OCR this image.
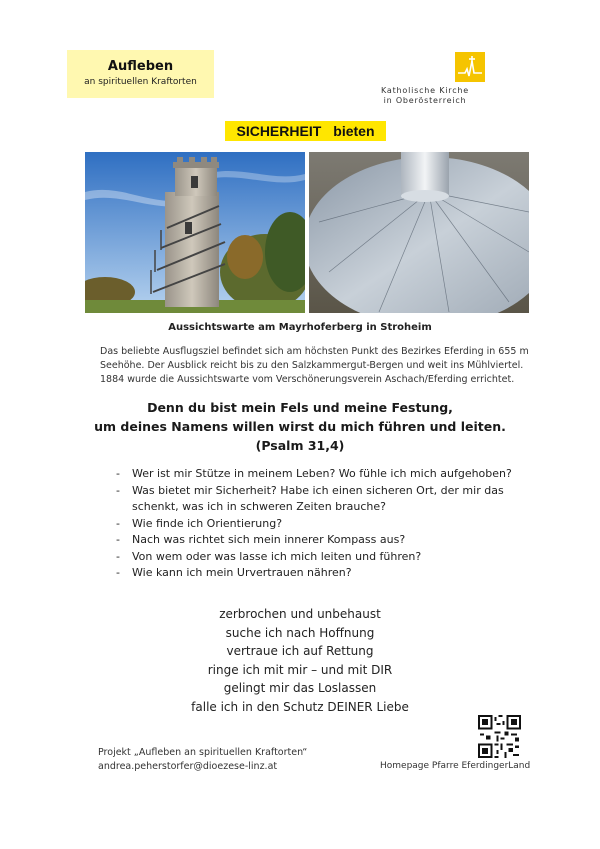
Aufleben
an spirituellen Kraftorten
Katholische Kirche
in Oberösterreich
SICHERHEIT bieten
Aussichtswarte am Mayrhoferberg in Stroheim
Das beliebte Ausflugsziel befindet sich am höchsten Punkt des Bezirkes Eferding in 655 m
Seehöhe. Der Ausblick reicht bis zu den Salzkammergut-Bergen und weit ins Mühlviertel.
1884 wurde die Aussichtswarte vom Verschönerungsverein Aschach/Eferding errichtet.
Denn du bist mein Fels und meine Festung,
um deines Namens willen wirst du mich führen und leiten.
(Psalm 31,4)
- Wer ist mir Stütze in meinem Leben? Wo fühle ich mich aufgehoben?
- Was bietet mir Sicherheit? Habe ich einen sicheren Ort, der mir das schenkt, was ich in schweren Zeiten brauche?
- Wie finde ich Orientierung?
- Nach was richtet sich mein innerer Kompass aus?
- Von wem oder was lasse ich mich leiten und führen?
- Wie kann ich mein Urvertrauen nähren?
zerbrochen und unbehaust
suche ich nach Hoffnung
vertraue ich auf Rettung
ringe ich mit mir – und mit DIR
gelingt mir das Loslassen
falle ich in den Schutz DEINER Liebe
Projekt „Aufleben an spirituellen Kraftorten“
andrea.peherstorfer@dioezese-linz.at	Homepage Pfarre EferdingerLand
